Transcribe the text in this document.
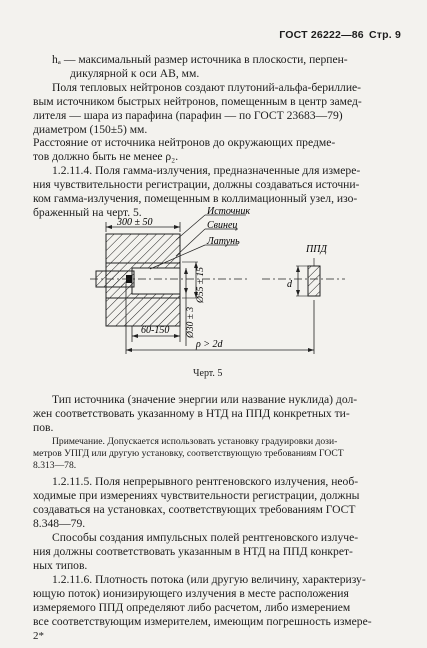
ГОСТ 26222—86 Стр. 9
hₐ — максимальный размер источника в плоскости, перпен-
дикулярной к оси AB, мм.
Поля тепловых нейтронов создают плутоний-альфа-бериллие-
вым источником быстрых нейтронов, помещенным в центр замед-
лителя — шара из парафина (парафин — по ГОСТ 23683—79)
диаметром (150±5) мм.
Расстояние от источника нейтронов до окружающих предме-
тов должно быть не менее ρ₂.
1.2.11.4. Поля гамма-излучения, предназначенные для измере-
ния чувствительности регистрации, должны создаваться источни-
ком гамма-излучения, помещенным в коллимационный узел, изо-
браженный на черт. 5.
300 ± 50
Источник
Свинец
Латунь
Ø55 ± 15
Ø30 ± 3
60-150
ρ > 2d
ППД
d
Черт. 5
Тип источника (значение энергии или название нуклида) дол-
жен соответствовать указанному в НТД на ППД конкретных ти-
пов.
Примечание. Допускается использовать установку градуировки дози-
метров УПГД или другую установку, соответствующую требованиям ГОСТ
8.313—78.
1.2.11.5. Поля непрерывного рентгеновского излучения, необ-
ходимые при измерениях чувствительности регистрации, должны
создаваться на установках, соответствующих требованиям ГОСТ
8.348—79.
Способы создания импульсных полей рентгеновского излуче-
ния должны соответствовать указанным в НТД на ППД конкрет-
ных типов.
1.2.11.6. Плотность потока (или другую величину, характеризу-
ющую поток) ионизирующего излучения в месте расположения
измеряемого ППД определяют либо расчетом, либо измерением
все соответствующим измерителем, имеющим погрешность измере-
2*
